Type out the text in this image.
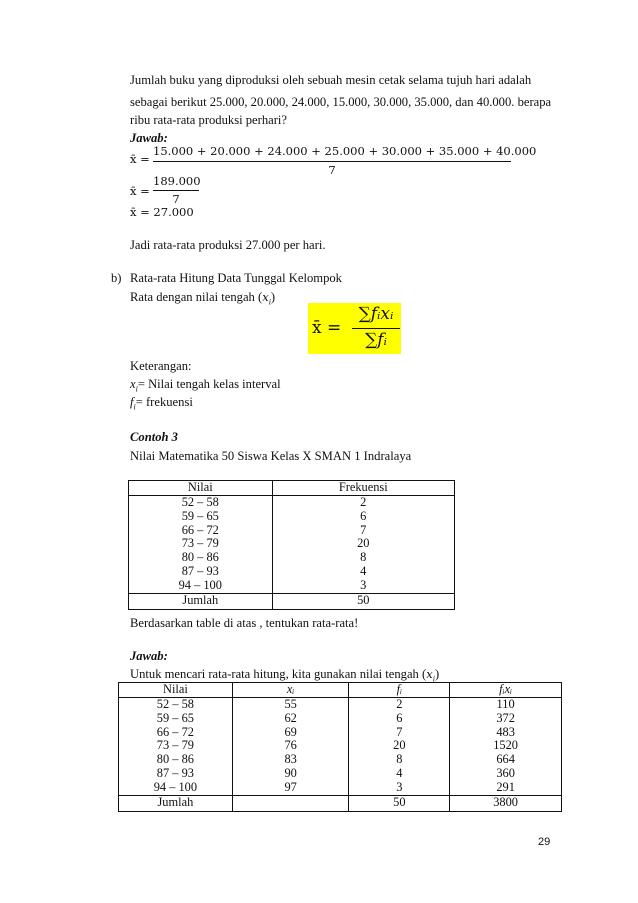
Jumlah buku yang diproduksi oleh sebuah mesin cetak selama tujuh hari adalah
sebagai berikut 25.000, 20.000, 24.000, 15.000, 30.000, 35.000, dan 40.000. berapa
ribu rata-rata produksi perhari?
Jawab:
x̄ =
15.000 + 20.000 + 24.000 + 25.000 + 30.000 + 35.000 + 40.000
7
x̄ =
189.000
7
x̄ = 27.000
Jadi rata-rata produksi 27.000 per hari.
b) Rata-rata Hitung Data Tunggal Kelompok
Rata dengan nilai tengah $(x_i)$
x̄ =
∑fᵢxᵢ
∑fᵢ
Keterangan:
$x_i=$ Nilai tengah kelas interval
$f_i=$ frekuensi
Contoh 3
Nilai Matematika 50 Siswa Kelas X SMAN 1 Indralaya
Nilai	Frekuensi
52 – 58	2
59 – 65	6
66 – 72	7
73 – 79	20
80 – 86	8
87 – 93	4
94 – 100	3
Jumlah	50
Berdasarkan table di atas , tentukan rata-rata!
Jawab:
Untuk mencari rata-rata hitung, kita gunakan nilai tengah $(x_i)$
Nilai	xᵢ	fᵢ	fᵢxᵢ
52 – 58	55	2	110
59 – 65	62	6	372
66 – 72	69	7	483
73 – 79	76	20	1520
80 – 86	83	8	664
87 – 93	90	4	360
94 – 100	97	3	291
Jumlah		50	3800
29
